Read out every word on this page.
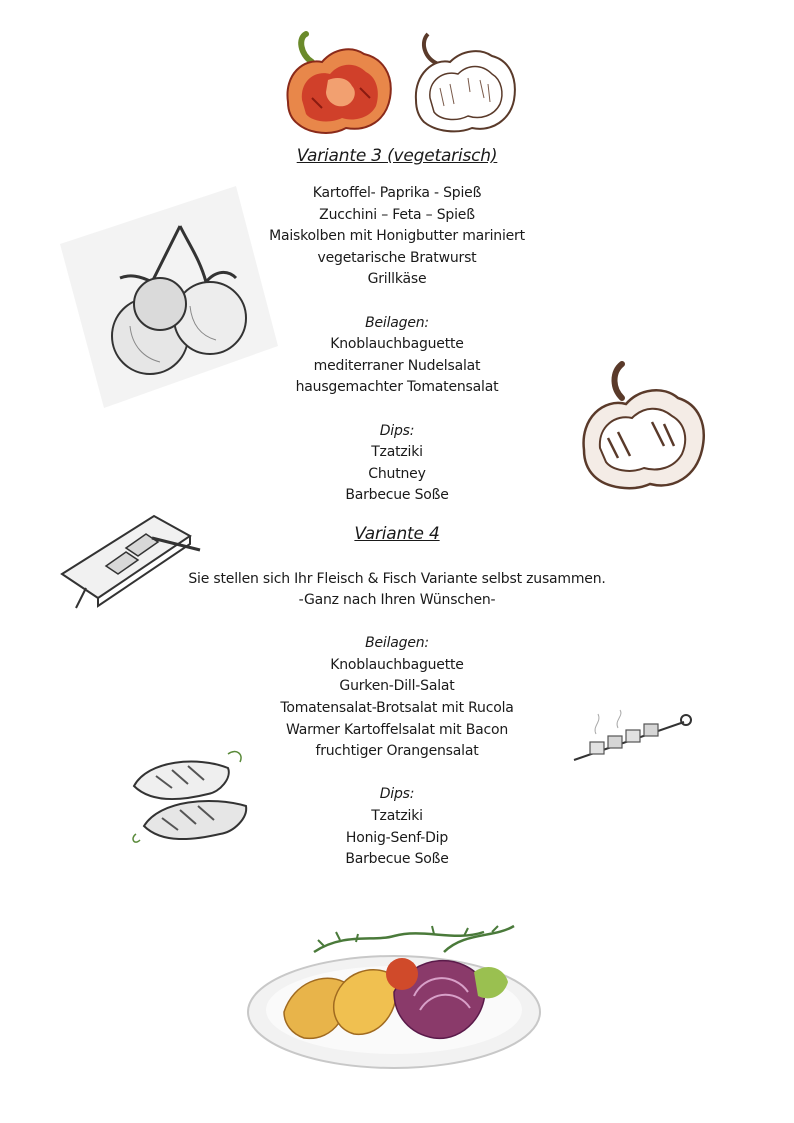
Variante 3 (vegetarisch)

Kartoffel- Paprika - Spieß

Zucchini – Feta – Spieß

Maiskolben mit Honigbutter mariniert

vegetarische Bratwurst

Grillkäse

Beilagen:

Knoblauchbaguette

mediterraner Nudelsalat

hausgemachter Tomatensalat

Dips:

Tzatziki

Chutney

Barbecue Soße

Variante 4

Sie stellen sich Ihr Fleisch & Fisch Variante selbst zusammen.

-Ganz nach Ihren Wünschen-

Beilagen:

Knoblauchbaguette

Gurken-Dill-Salat

Tomatensalat-Brotsalat mit Rucola

Warmer Kartoffelsalat mit Bacon

fruchtiger Orangensalat

Dips:

Tzatziki

Honig-Senf-Dip

Barbecue Soße
